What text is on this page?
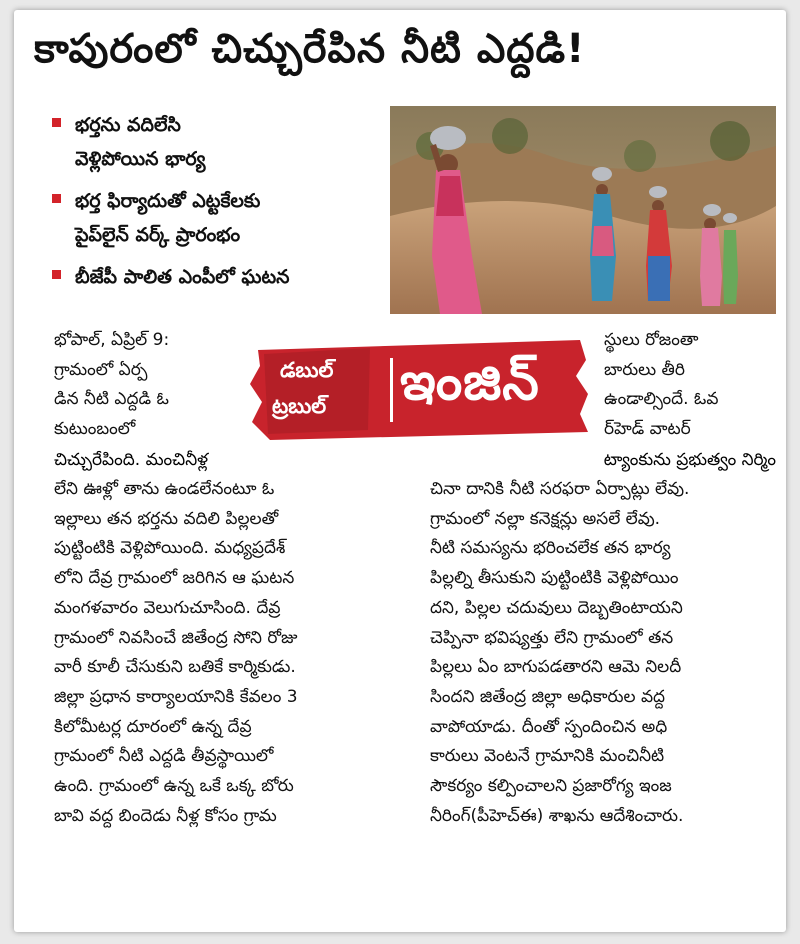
కాపురంలో చిచ్చురేపిన నీటి ఎద్దడి!
భర్తను వదిలేసి
వెళ్లిపోయిన భార్య
భర్త ఫిర్యాదుతో ఎట్టకేలకు
పైప్‌లైన్ వర్క్ ప్రారంభం
బీజేపీ పాలిత ఎంపీలో ఘటన

భోపాల్, ఏప్రిల్ 9:

గ్రామంలో ఏర్ప

డిన నీటి ఎద్దడి ఓ

కుటుంబంలో

చిచ్చురేపింది. మంచినీళ్ల

స్థులు రోజంతా

బారులు తీరి

ఉండాల్సిందే. ఓవ

ర్‌హెడ్ వాటర్

ట్యాంకును ప్రభుత్వం నిర్మిం
డబుల్
ట్రబుల్ ఇంజిన్

లేని ఊళ్లో తాను ఉండలేనంటూ ఓ

ఇల్లాలు తన భర్తను వదిలి పిల్లలతో

పుట్టింటికి వెళ్లిపోయింది. మధ్యప్రదేశ్

లోని దేవ్ర గ్రామంలో జరిగిన ఆ ఘటన

మంగళవారం వెలుగుచూసింది. దేవ్ర

గ్రామంలో నివసించే జితేంద్ర సోని రోజు

వారీ కూలీ చేసుకుని బతికే కార్మికుడు.

జిల్లా ప్రధాన కార్యాలయానికి కేవలం 3

కిలోమీటర్ల దూరంలో ఉన్న దేవ్ర

గ్రామంలో నీటి ఎద్దడి తీవ్రస్థాయిలో

ఉంది. గ్రామంలో ఉన్న ఒకే ఒక్క బోరు

బావి వద్ద బిందెడు నీళ్ల కోసం గ్రామ

చినా దానికి నీటి సరఫరా ఏర్పాట్లు లేవు.

గ్రామంలో నల్లా కనెక్షన్లు అసలే లేవు.

నీటి సమస్యను భరించలేక తన భార్య

పిల్లల్ని తీసుకుని పుట్టింటికి వెళ్లిపోయిం

దని, పిల్లల చదువులు దెబ్బతింటాయని

చెప్పినా భవిష్యత్తు లేని గ్రామంలో తన

పిల్లలు ఏం బాగుపడతారని ఆమె నిలదీ

సిందని జితేంద్ర జిల్లా అధికారుల వద్ద

వాపోయాడు. దీంతో స్పందించిన అధి

కారులు వెంటనే గ్రామానికి మంచినీటి

సౌకర్యం కల్పించాలని ప్రజారోగ్య ఇంజ

నీరింగ్(పీహెచ్‌ఈ) శాఖను ఆదేశించారు.
